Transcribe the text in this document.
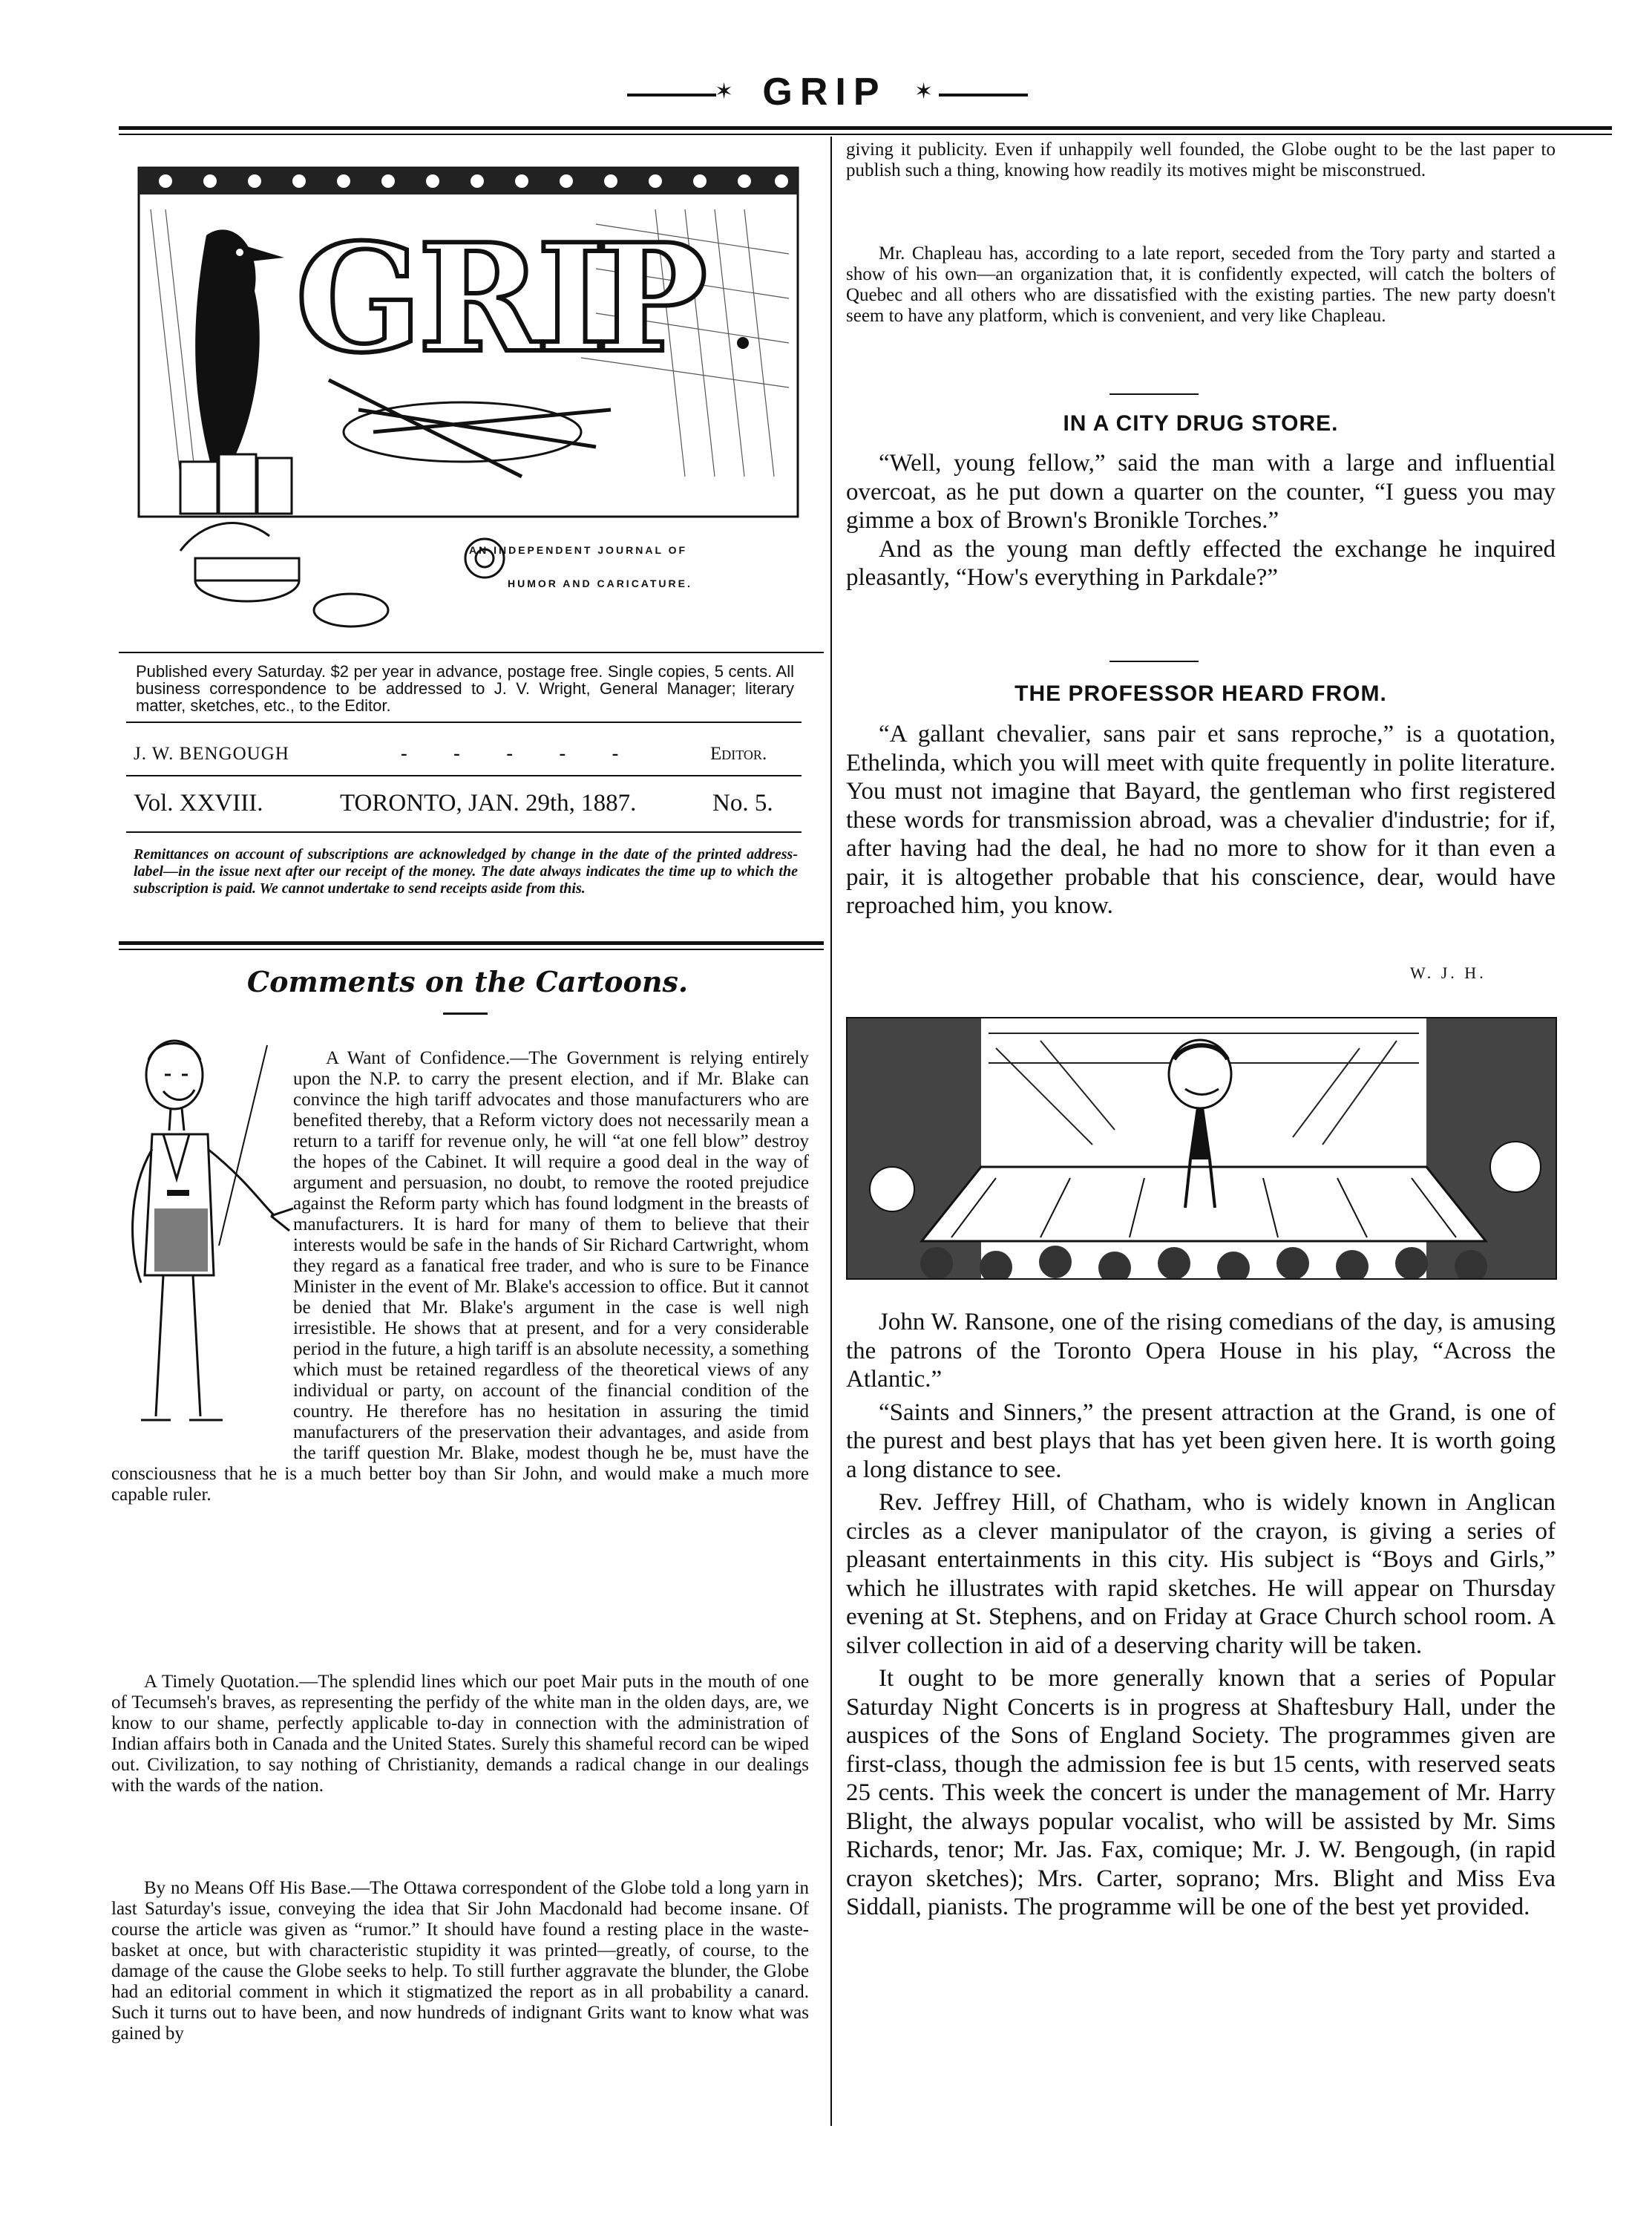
✶ GRIP	✶
G
R
I
P
AN INDEPENDENT JOURNAL OF
HUMOR AND CARICATURE.
Published every Saturday. $2 per year in advance, postage free. Single copies, 5 cents. All business correspondence to be addressed to J. V. Wright, General Manager; literary matter, sketches, etc., to the Editor.
J. W. BENGOUGH	- - - - -	Editor.
Vol. XXVIII.	TORONTO, JAN. 29th, 1887.	No. 5.
Remittances on account of subscriptions are acknowledged by change in the date of the printed address-label—in the issue next after our receipt of the money. The date always indicates the time up to which the subscription is paid. We cannot undertake to send receipts aside from this.
Comments on the Cartoons.

A Want of Confidence.—The Government is relying entirely upon the N.P. to carry the present election, and if Mr. Blake can convince the high tariff advocates and those manufacturers who are benefited thereby, that a Reform victory does not necessarily mean a return to a tariff for revenue only, he will “at one fell blow” destroy the hopes of the Cabinet. It will require a good deal in the way of argument and persuasion, no doubt, to remove the rooted prejudice against the Reform party which has found lodgment in the breasts of manufacturers. It is hard for many of them to believe that their interests would be safe in the hands of Sir Richard Cartwright, whom they regard as a fanatical free trader, and who is sure to be Finance Minister in the event of Mr. Blake's accession to office. But it cannot be denied that Mr. Blake's argument in the case is well nigh irresistible. He shows that at present, and for a very considerable period in the future, a high tariff is an absolute necessity, a something which must be retained regardless of the theoretical views of any individual or party, on account of the financial condition of the country. He therefore has no hesitation in assuring the timid manufacturers of the preservation their advantages, and aside from the tariff question Mr. Blake, modest though he be, must have the consciousness that he is a much better boy than Sir John, and would make a much more capable ruler.

A Timely Quotation.—The splendid lines which our poet Mair puts in the mouth of one of Tecumseh's braves, as representing the perfidy of the white man in the olden days, are, we know to our shame, perfectly applicable to-day in connection with the administration of Indian affairs both in Canada and the United States. Surely this shameful record can be wiped out. Civilization, to say nothing of Christianity, demands a radical change in our dealings with the wards of the nation.

By no Means Off His Base.—The Ottawa correspondent of the Globe told a long yarn in last Saturday's issue, conveying the idea that Sir John Macdonald had become insane. Of course the article was given as “rumor.” It should have found a resting place in the waste-basket at once, but with characteristic stupidity it was printed—greatly, of course, to the damage of the cause the Globe seeks to help. To still further aggravate the blunder, the Globe had an editorial comment in which it stigmatized the report as in all probability a canard. Such it turns out to have been, and now hundreds of indignant Grits want to know what was gained by

giving it publicity. Even if unhappily well founded, the Globe ought to be the last paper to publish such a thing, knowing how readily its motives might be misconstrued.
Mr. Chapleau has, according to a late report, seceded from the Tory party and started a show of his own—an organization that, it is confidently expected, will catch the bolters of Quebec and all others who are dissatisfied with the existing parties. The new party doesn't seem to have any platform, which is convenient, and very like Chapleau.
IN A CITY DRUG STORE.

“Well, young fellow,” said the man with a large and influential overcoat, as he put down a quarter on the counter, “I guess you may gimme a box of Brown's Bronikle Torches.”

And as the young man deftly effected the exchange he inquired pleasantly, “How's everything in Parkdale?”

THE PROFESSOR HEARD FROM.
“A gallant chevalier, sans pair et sans reproche,” is a quotation, Ethelinda, which you will meet with quite frequently in polite literature. You must not imagine that Bayard, the gentleman who first registered these words for transmission abroad, was a chevalier d'industrie; for if, after having had the deal, he had no more to show for it than even a pair, it is altogether probable that his conscience, dear, would have reproached him, you know.
W. J. H.

John W. Ransone, one of the rising comedians of the day, is amusing the patrons of the Toronto Opera House in his play, “Across the Atlantic.”

“Saints and Sinners,” the present attraction at the Grand, is one of the purest and best plays that has yet been given here. It is worth going a long distance to see.

Rev. Jeffrey Hill, of Chatham, who is widely known in Anglican circles as a clever manipulator of the crayon, is giving a series of pleasant entertainments in this city. His subject is “Boys and Girls,” which he illustrates with rapid sketches. He will appear on Thursday evening at St. Stephens, and on Friday at Grace Church school room. A silver collection in aid of a deserving charity will be taken.

It ought to be more generally known that a series of Popular Saturday Night Concerts is in progress at Shaftesbury Hall, under the auspices of the Sons of England Society. The programmes given are first-class, though the admission fee is but 15 cents, with reserved seats 25 cents. This week the concert is under the management of Mr. Harry Blight, the always popular vocalist, who will be assisted by Mr. Sims Richards, tenor; Mr. Jas. Fax, comique; Mr. J. W. Bengough, (in rapid crayon sketches); Mrs. Carter, soprano; Mrs. Blight and Miss Eva Siddall, pianists. The programme will be one of the best yet provided.
